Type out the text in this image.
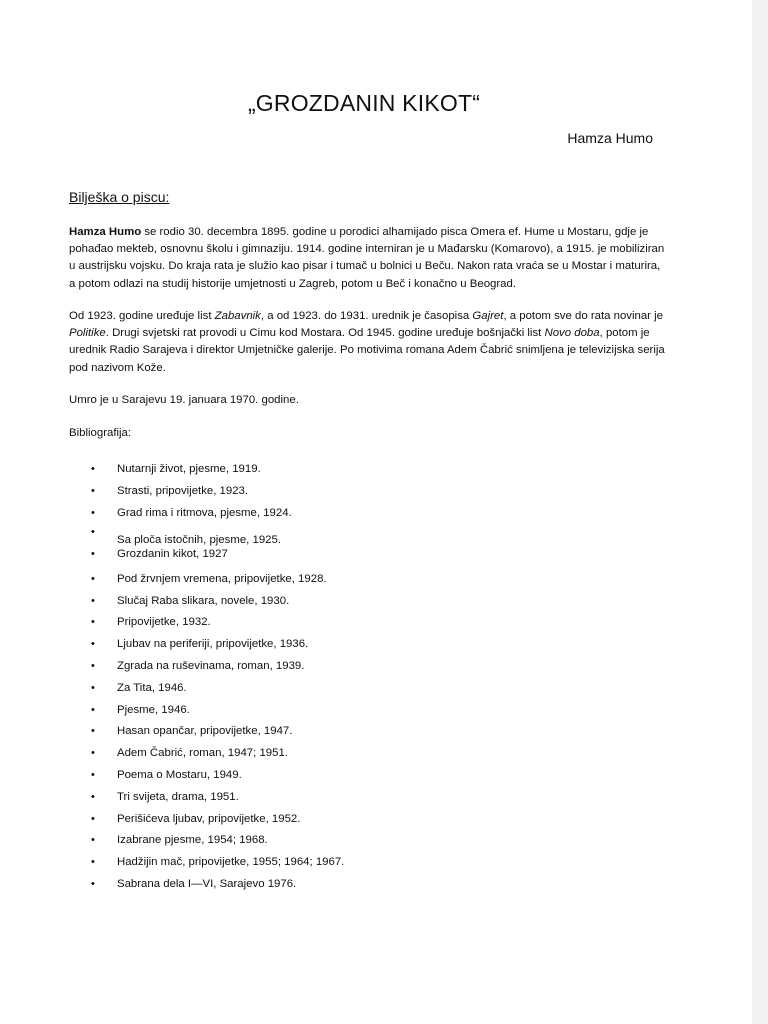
„GROZDANIN KIKOT“
Hamza Humo
Bilješka o piscu:

Hamza Humo se rodio 30. decembra 1895. godine u porodici alhamijado pisca Omera ef. Hume u Mostaru, gdje je pohađao mekteb, osnovnu školu i gimnaziju. 1914. godine interniran je u Mađarsku (Komarovo), a 1915. je mobiliziran u austrijsku vojsku. Do kraja rata je služio kao pisar i tumač u bolnici u Beču. Nakon rata vraća se u Mostar i maturira, a potom odlazi na studij historije umjetnosti u Zagreb, potom u Beč i konačno u Beograd.

Od 1923. godine uređuje list Zabavnik, a od 1923. do 1931. urednik je časopisa Gajret, a potom sve do rata novinar je Politike. Drugi svjetski rat provodi u Cimu kod Mostara. Od 1945. godine uređuje bošnjački list Novo doba, potom je urednik Radio Sarajeva i direktor Umjetničke galerije. Po motivima romana Adem Čabrić snimljena je televizijska serija pod nazivom Kože.

Umro je u Sarajevu 19. januara 1970. godine.

Bibliografija:

• Nutarnji život, pjesme, 1919.
• Strasti, pripovijetke, 1923.
• Grad rima i ritmova, pjesme, 1924.
•
Sa ploča istočnih, pjesme, 1925.
• Grozdanin kikot, 1927
• Pod žrvnjem vremena, pripovijetke, 1928.
• Slučaj Raba slikara, novele, 1930.
• Pripovijetke, 1932.
• Ljubav na periferiji, pripovijetke, 1936.
• Zgrada na ruševinama, roman, 1939.
• Za Tita, 1946.
• Pjesme, 1946.
• Hasan opančar, pripovijetke, 1947.
• Adem Čabrić, roman, 1947; 1951.
• Poema o Mostaru, 1949.
• Tri svijeta, drama, 1951.
• Perišićeva ljubav, pripovijetke, 1952.
• Izabrane pjesme, 1954; 1968.
• Hadžijin mač, pripovijetke, 1955; 1964; 1967.
• Sabrana dela I—VI, Sarajevo 1976.
